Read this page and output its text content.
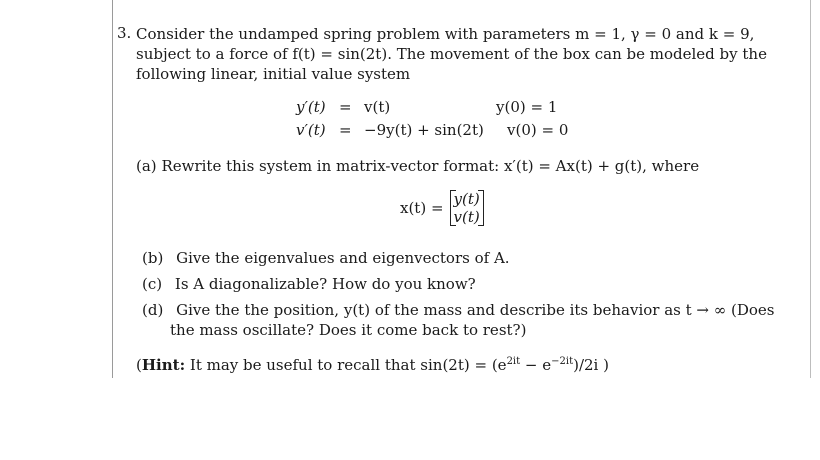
3. Consider the undamped spring problem with parameters m = 1, γ = 0 and k = 9,
subject to a force of f(t) = sin(2t). The movement of the box can be modeled by the
following linear, initial value system
y′(t)
v′(t)
=
=
v(t)
−9y(t) + sin(2t)
y(0) = 1
v(0) = 0
(a) Rewrite this system in matrix-vector format: x′(t) = Ax(t) + g(t), where
x(t) = y(t)
v(t)
(b) Give the eigenvalues and eigenvectors of A.
(c) Is A diagonalizable? How do you know?
(d) Give the the position, y(t) of the mass and describe its behavior as t → ∞ (Does
the mass oscillate? Does it come back to rest?)
(Hint: It may be useful to recall that $\sin(2t) = (e^{2it} - e^{-2it})/2i$ )
